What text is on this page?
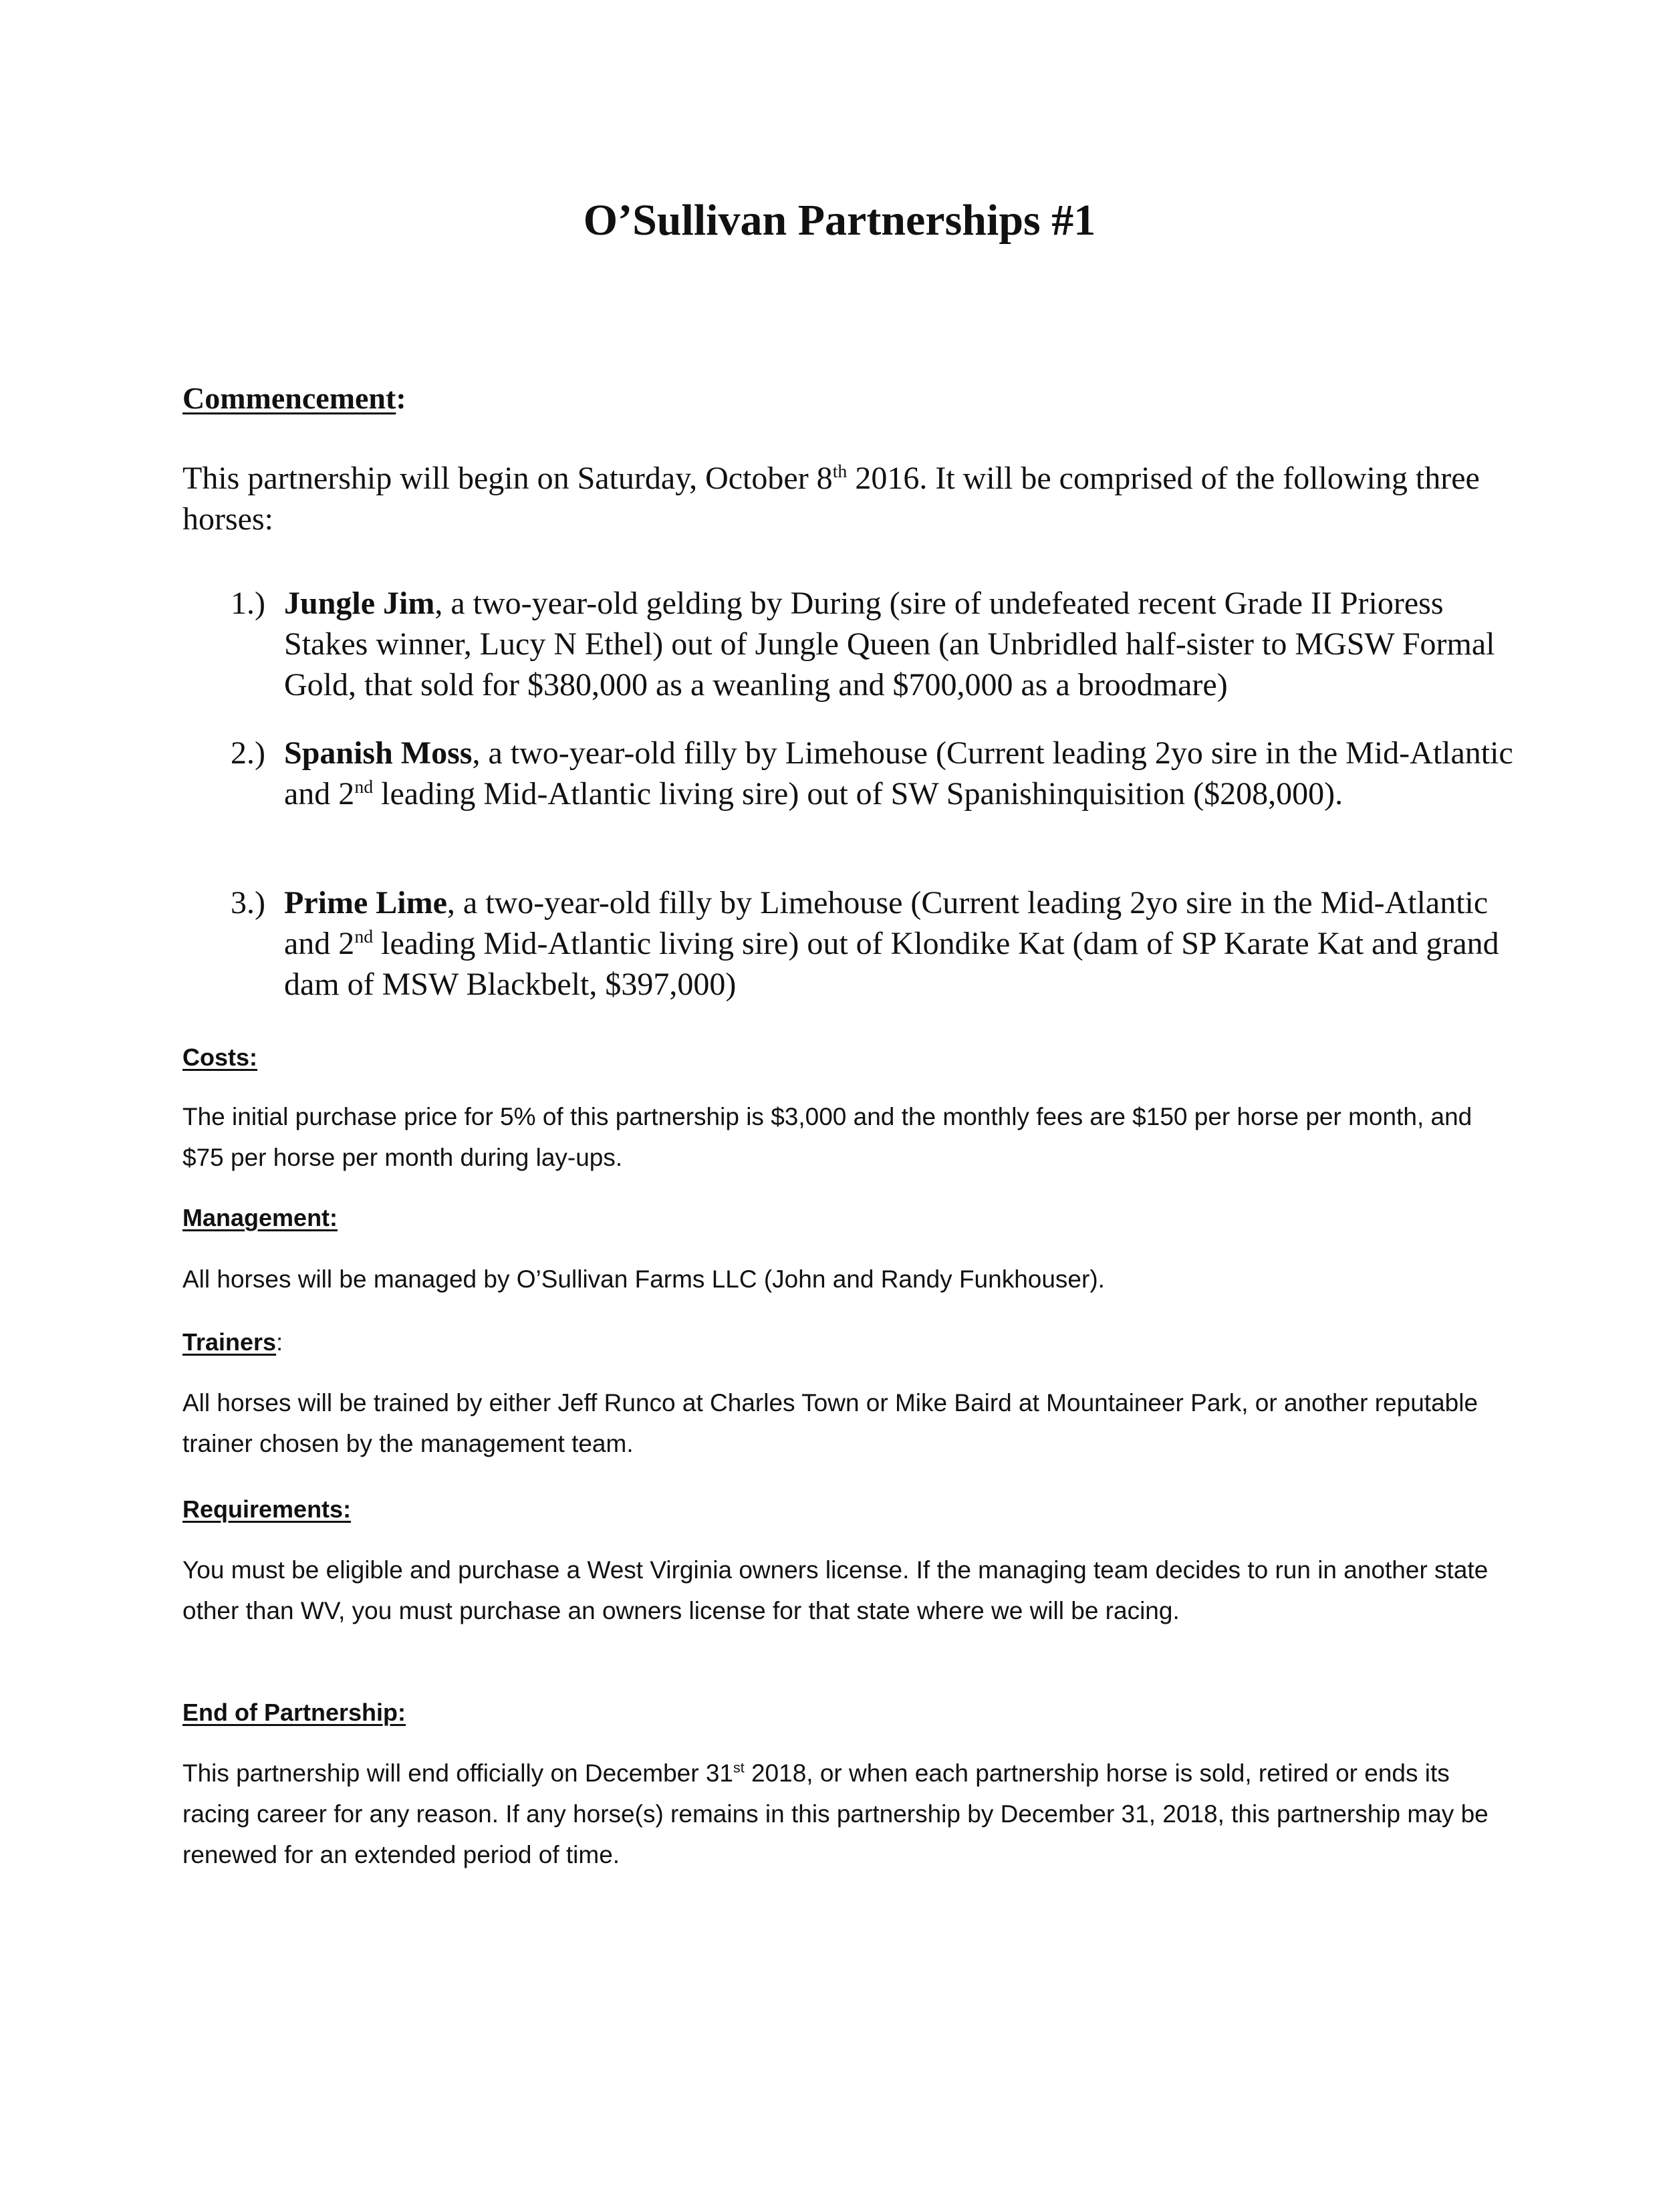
O’Sullivan Partnerships #1
Commencement:

This partnership will begin on Saturday, October 8th 2016. It will be comprised of the following three horses:

1.) Jungle Jim, a two-year-old gelding by During (sire of undefeated recent Grade II Prioress Stakes winner, Lucy N Ethel) out of Jungle Queen (an Unbridled half-sister to MGSW Formal Gold, that sold for $380,000 as a weanling and $700,000 as a broodmare)
2.) Spanish Moss, a two-year-old filly by Limehouse (Current leading 2yo sire in the Mid-Atlantic and 2nd leading Mid-Atlantic living sire) out of SW Spanishinquisition ($208,000).
3.) Prime Lime, a two-year-old filly by Limehouse (Current leading 2yo sire in the Mid-Atlantic and 2nd leading Mid-Atlantic living sire) out of Klondike Kat (dam of SP Karate Kat and grand dam of MSW Blackbelt, $397,000)
Costs:

The initial purchase price for 5% of this partnership is $3,000 and the monthly fees are $150 per horse per month, and $75 per horse per month during lay-ups.

Management:

All horses will be managed by O’Sullivan Farms LLC (John and Randy Funkhouser).

Trainers:

All horses will be trained by either Jeff Runco at Charles Town or Mike Baird at Mountaineer Park, or another reputable trainer chosen by the management team.

Requirements:

You must be eligible and purchase a West Virginia owners license. If the managing team decides to run in another state other than WV, you must purchase an owners license for that state where we will be racing.

End of Partnership:

This partnership will end officially on December 31st 2018, or when each partnership horse is sold, retired or ends its racing career for any reason. If any horse(s) remains in this partnership by December 31, 2018, this partnership may be renewed for an extended period of time.
